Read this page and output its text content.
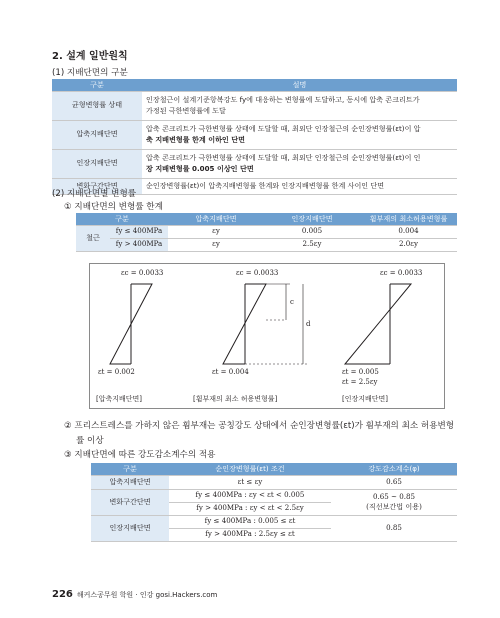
2. 설계 일반원칙
(1) 지배단면의 구분
구분	설명
균형변형률 상태	인장철근이 설계기준항복강도 fy에 대응하는 변형률에 도달하고, 동시에 압축 콘크리트가
가정된 극한변형률에 도달
압축지배단면	압축 콘크리트가 극한변형률 상태에 도달할 때, 최외단 인장철근의 순인장변형률(εt)이 압
축 지배변형률 한계 이하인 단면
인장지배단면	압축 콘크리트가 극한변형률 상태에 도달할 때, 최외단 인장철근의 순인장변형률(εt)이 인
장 지배변형률 0.005 이상인 단면
변화구간단면	순인장변형률(εt)이 압축지배변형률 한계와 인장지배변형률 한계 사이인 단면
(2) 지배단면별 변형률
① 지배단면의 변형률 한계
구분		압축지배단면	인장지배단면	휨부재의 최소허용변형률
철근	fy ≤ 400MPa	εy	0.005	0.004
	fy > 400MPa	εy	2.5εy	2.0εy
εc = 0.0033	εc = 0.0033	εc = 0.0033
c
d
εt = 0.002	εt = 0.004	εt = 0.005
εt = 2.5εy
[압축지배단면]	[휨부재의 최소 허용변형률]	[인장지배단면]
② 프리스트레스를 가하지 않은 휨부재는 공칭강도 상태에서 순인장변형률(εt)가 휨부재의 최소 허용변형
률 이상
③ 지배단면에 따른 강도감소계수의 적용
구분	순인장변형률(εt) 조건	강도감소계수(φ)
압축지배단면	εt ≤ εy	0.65
변화구간단면	fy ≤ 400MPa : εy < εt < 0.005	0.65 ~ 0.85
(직선보간법 이용)
	fy > 400MPa : εy < εt < 2.5εy	
인장지배단면	fy ≤ 400MPa : 0.005 ≤ εt	0.85
	fy > 400MPa : 2.5εy ≤ εt	
226 해커스공무원 학원 · 인강 gosi.Hackers.com
